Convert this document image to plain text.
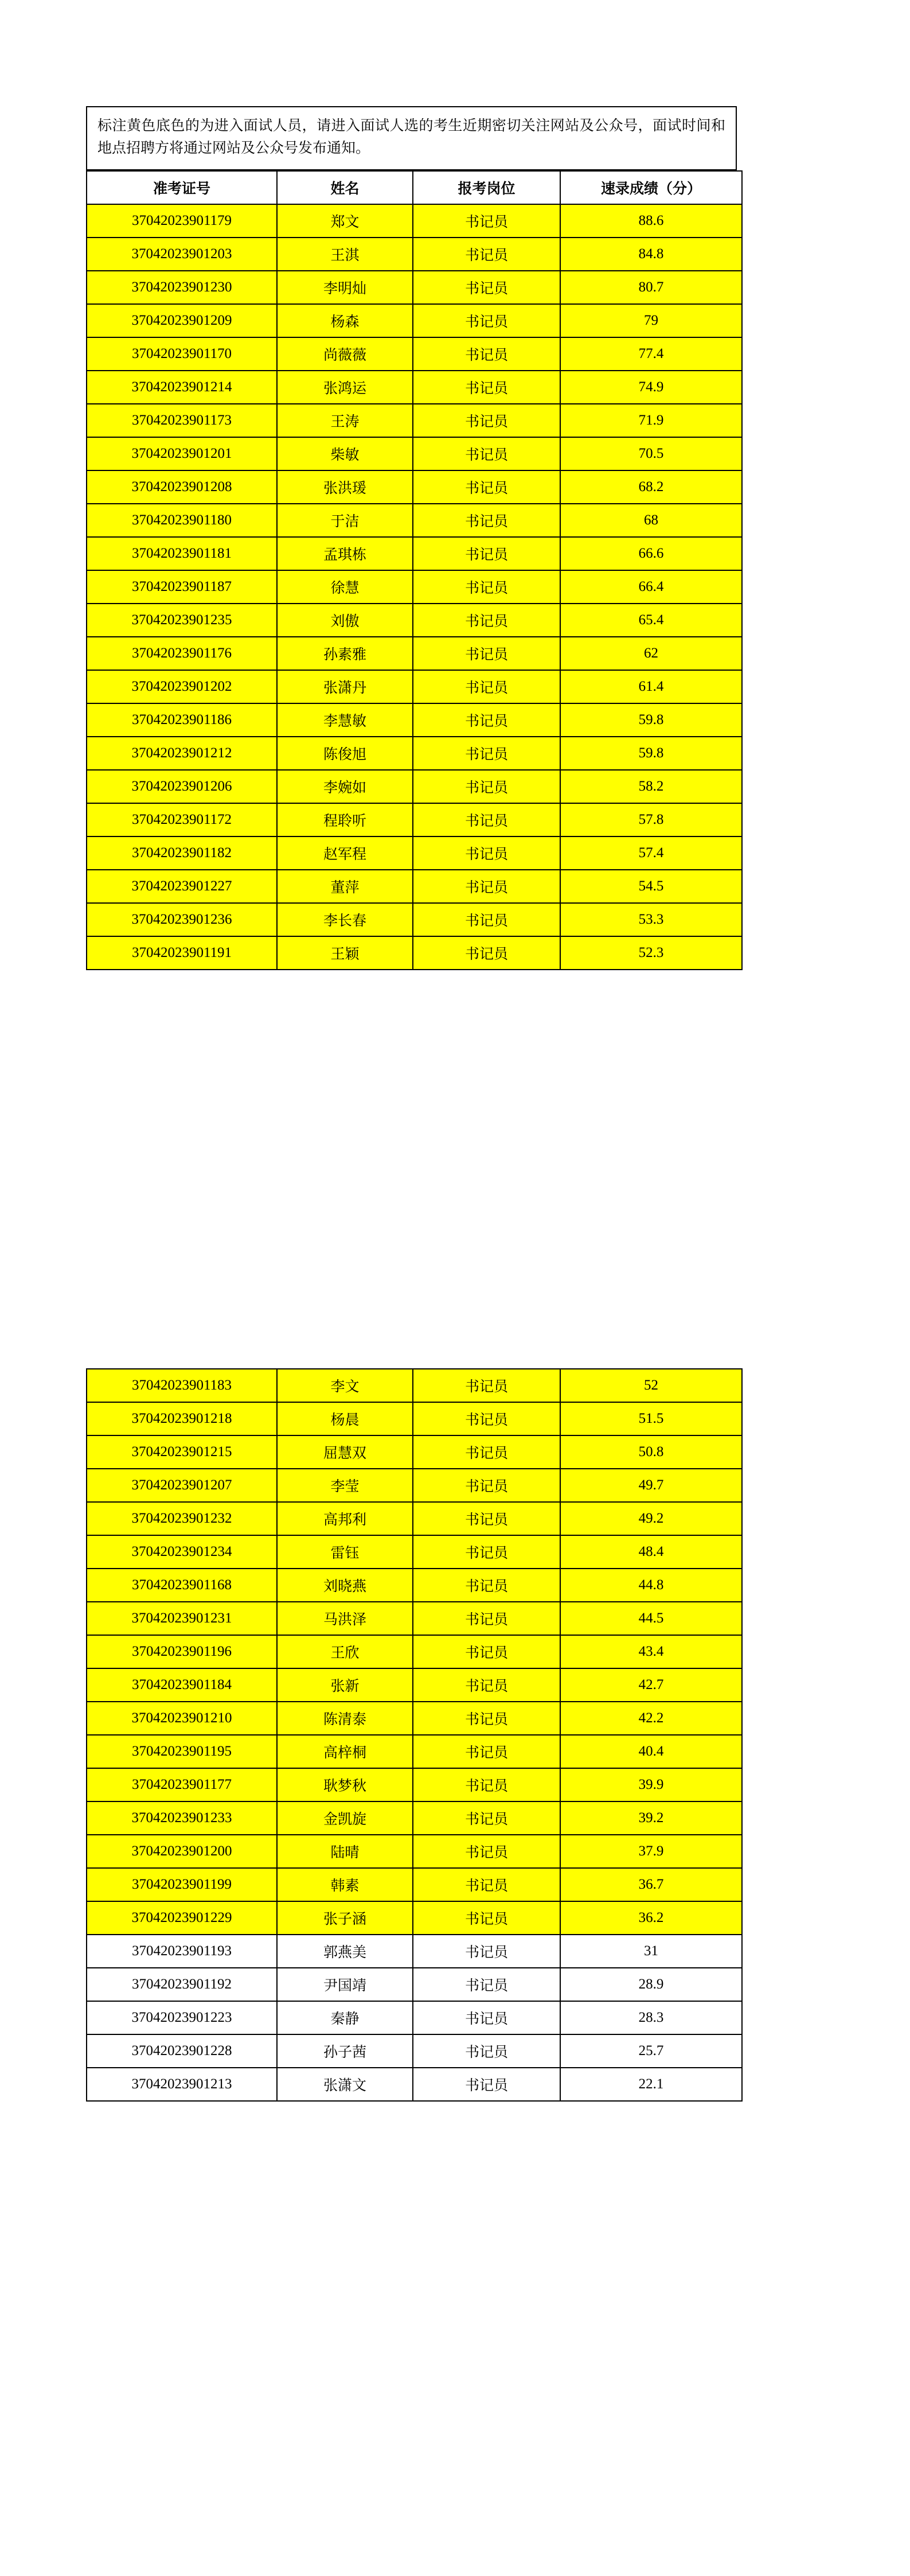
标注黄色底色的为进入面试人员，请进入面试人选的考生近期密切关注网站及公众号，面试时间和地点招聘方将通过网站及公众号发布通知。
准考证号	姓名	报考岗位	速录成绩（分）
37042023901179	郑文	书记员	88.6
37042023901203	王淇	书记员	84.8
37042023901230	李明灿	书记员	80.7
37042023901209	杨森	书记员	79
37042023901170	尚薇薇	书记员	77.4
37042023901214	张鸿运	书记员	74.9
37042023901173	王涛	书记员	71.9
37042023901201	柴敏	书记员	70.5
37042023901208	张洪瑗	书记员	68.2
37042023901180	于洁	书记员	68
37042023901181	孟琪栋	书记员	66.6
37042023901187	徐慧	书记员	66.4
37042023901235	刘傲	书记员	65.4
37042023901176	孙素雅	书记员	62
37042023901202	张潇丹	书记员	61.4
37042023901186	李慧敏	书记员	59.8
37042023901212	陈俊旭	书记员	59.8
37042023901206	李婉如	书记员	58.2
37042023901172	程聆听	书记员	57.8
37042023901182	赵军程	书记员	57.4
37042023901227	董萍	书记员	54.5
37042023901236	李长春	书记员	53.3
37042023901191	王颖	书记员	52.3
37042023901183	李文	书记员	52
37042023901218	杨晨	书记员	51.5
37042023901215	屈慧双	书记员	50.8
37042023901207	李莹	书记员	49.7
37042023901232	高邦利	书记员	49.2
37042023901234	雷钰	书记员	48.4
37042023901168	刘晓燕	书记员	44.8
37042023901231	马洪泽	书记员	44.5
37042023901196	王欣	书记员	43.4
37042023901184	张新	书记员	42.7
37042023901210	陈清泰	书记员	42.2
37042023901195	高梓桐	书记员	40.4
37042023901177	耿梦秋	书记员	39.9
37042023901233	金凯旋	书记员	39.2
37042023901200	陆晴	书记员	37.9
37042023901199	韩素	书记员	36.7
37042023901229	张子涵	书记员	36.2
37042023901193	郭燕美	书记员	31
37042023901192	尹国靖	书记员	28.9
37042023901223	秦静	书记员	28.3
37042023901228	孙子茜	书记员	25.7
37042023901213	张潇文	书记员	22.1
